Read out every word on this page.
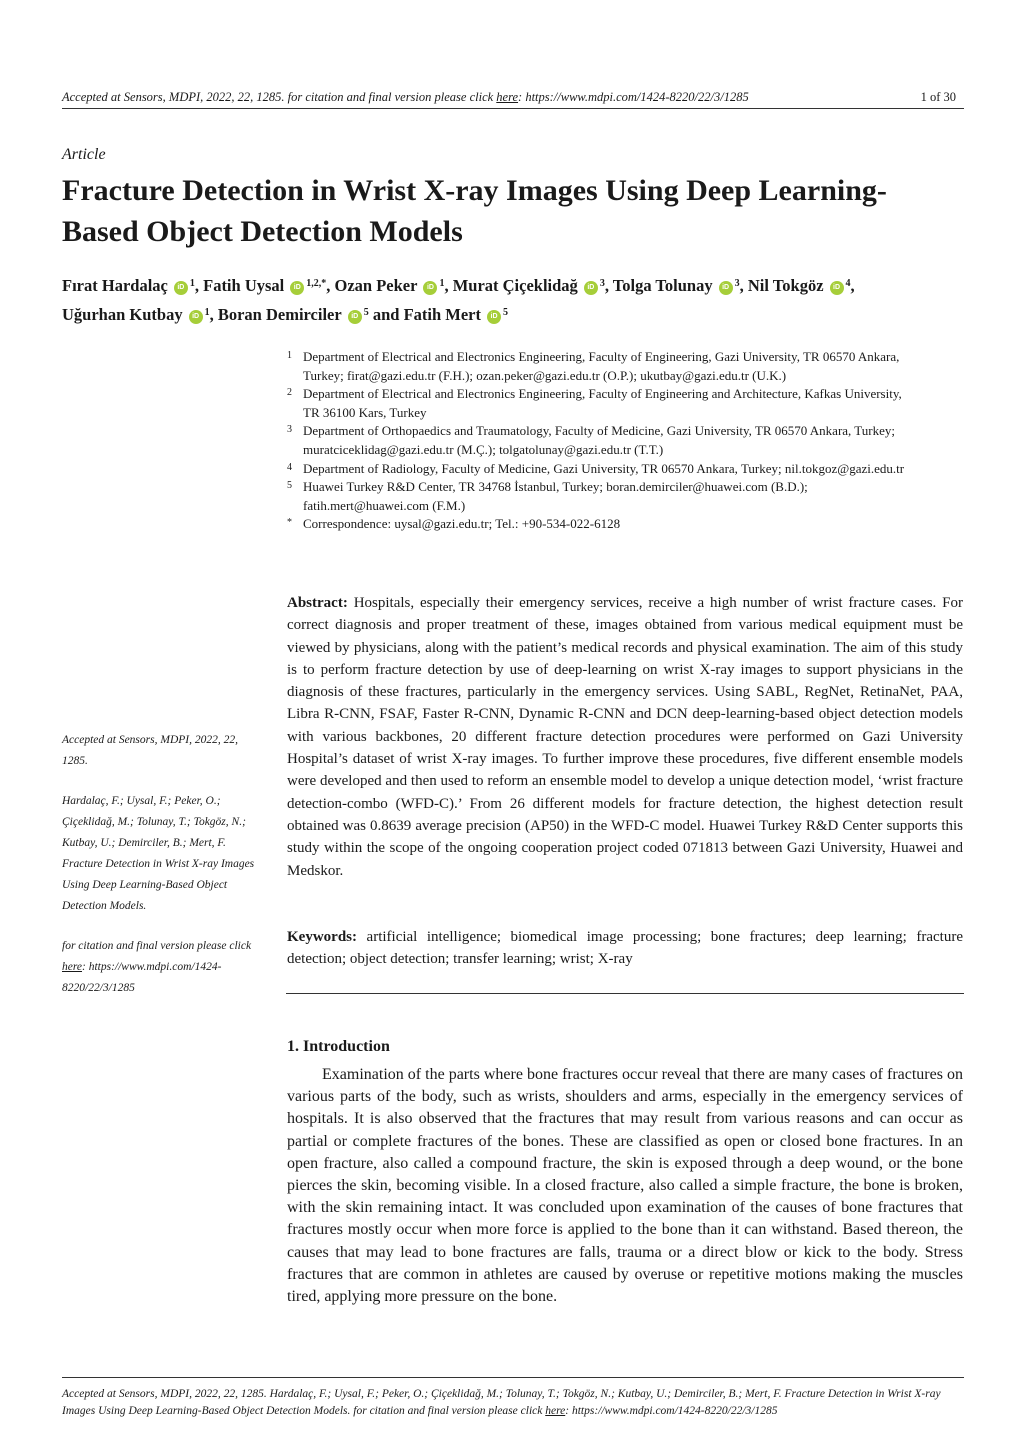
Accepted at Sensors, MDPI, 2022, 22, 1285. for citation and final version please click here: https://www.mdpi.com/1424-8220/22/3/1285	1 of 30
Article
Fracture Detection in Wrist X-ray Images Using Deep Learning-Based Object Detection Models
Fırat Hardalaç iD $^1$, Fatih Uysal iD $^{1,2,*}$, Ozan Peker iD $^1$, Murat Çiçeklidağ iD $^3$, Tolga Tolunay iD $^3$, Nil Tokgöz iD $^4$,
Uğurhan Kutbay iD $^1$, Boran Demirciler iD $^5$ and Fatih Mert iD $^5$
1 Department of Electrical and Electronics Engineering, Faculty of Engineering, Gazi University, TR 06570 Ankara, Turkey; firat@gazi.edu.tr (F.H.); ozan.peker@gazi.edu.tr (O.P.); ukutbay@gazi.edu.tr (U.K.)
2 Department of Electrical and Electronics Engineering, Faculty of Engineering and Architecture, Kafkas University, TR 36100 Kars, Turkey
3 Department of Orthopaedics and Traumatology, Faculty of Medicine, Gazi University, TR 06570 Ankara, Turkey; muratciceklidag@gazi.edu.tr (M.Ç.); tolgatolunay@gazi.edu.tr (T.T.)
4 Department of Radiology, Faculty of Medicine, Gazi University, TR 06570 Ankara, Turkey; nil.tokgoz@gazi.edu.tr
5 Huawei Turkey R&D Center, TR 34768 İstanbul, Turkey; boran.demirciler@huawei.com (B.D.); fatih.mert@huawei.com (F.M.)
* Correspondence: uysal@gazi.edu.tr; Tel.: +90-534-022-6128
Abstract: Hospitals, especially their emergency services, receive a high number of wrist fracture cases. For correct diagnosis and proper treatment of these, images obtained from various medical equipment must be viewed by physicians, along with the patient’s medical records and physical examination. The aim of this study is to perform fracture detection by use of deep-learning on wrist X-ray images to support physicians in the diagnosis of these fractures, particularly in the emergency services. Using SABL, RegNet, RetinaNet, PAA, Libra R-CNN, FSAF, Faster R-CNN, Dynamic R-CNN and DCN deep-learning-based object detection models with various backbones, 20 different fracture detection procedures were performed on Gazi University Hospital’s dataset of wrist X-ray images. To further improve these procedures, five different ensemble models were developed and then used to reform an ensemble model to develop a unique detection model, ‘wrist fracture detection-combo (WFD-C).’ From 26 different models for fracture detection, the highest detection result obtained was 0.8639 average precision (AP50) in the WFD-C model. Huawei Turkey R&D Center supports this study within the scope of the ongoing cooperation project coded 071813 between Gazi University, Huawei and Medskor.
Keywords: artificial intelligence; biomedical image processing; bone fractures; deep learning; fracture detection; object detection; transfer learning; wrist; X-ray

Accepted at Sensors, MDPI, 2022, 22, 1285.

Hardalaç, F.; Uysal, F.; Peker, O.; Çiçeklidağ, M.; Tolunay, T.; Tokgöz, N.; Kutbay, U.; Demirciler, B.; Mert, F. Fracture Detection in Wrist X-ray Images Using Deep Learning-Based Object Detection Models.

for citation and final version please click here: https://www.mdpi.com/1424-8220/22/3/1285

1. Introduction
Examination of the parts where bone fractures occur reveal that there are many cases of fractures on various parts of the body, such as wrists, shoulders and arms, especially in the emergency services of hospitals. It is also observed that the fractures that may result from various reasons and can occur as partial or complete fractures of the bones. These are classified as open or closed bone fractures. In an open fracture, also called a compound fracture, the skin is exposed through a deep wound, or the bone pierces the skin, becoming visible. In a closed fracture, also called a simple fracture, the bone is broken, with the skin remaining intact. It was concluded upon examination of the causes of bone fractures that fractures mostly occur when more force is applied to the bone than it can withstand. Based thereon, the causes that may lead to bone fractures are falls, trauma or a direct blow or kick to the body. Stress fractures that are common in athletes are caused by overuse or repetitive motions making the muscles tired, applying more pressure on the bone.
Accepted at Sensors, MDPI, 2022, 22, 1285. Hardalaç, F.; Uysal, F.; Peker, O.; Çiçeklidağ, M.; Tolunay, T.; Tokgöz, N.; Kutbay, U.; Demirciler, B.; Mert, F. Fracture Detection in Wrist X-ray Images Using Deep Learning-Based Object Detection Models. for citation and final version please click here: https://www.mdpi.com/1424-8220/22/3/1285
